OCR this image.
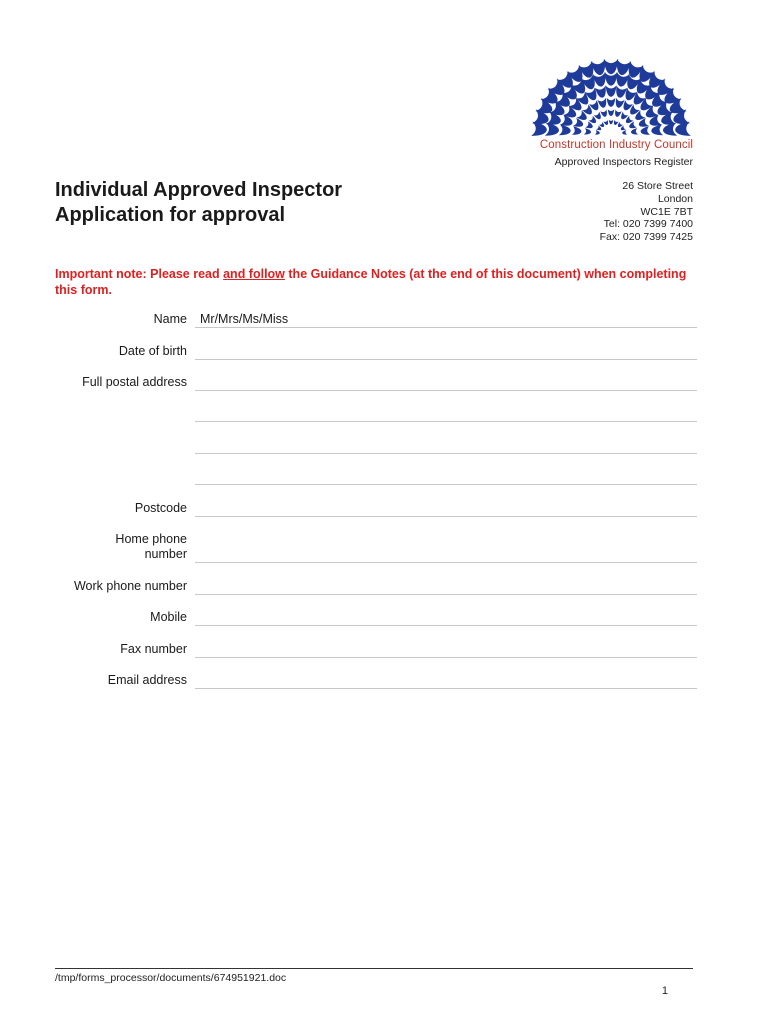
Construction Industry Council
Approved Inspectors Register
26 Store Street
London
WC1E 7BT
Tel: 020 7399 7400
Fax: 020 7399 7425
Individual Approved Inspector
Application for approval
Important note: Please read and follow the Guidance Notes (at the end of this document) when completing this form.
Name Mr/Mrs/Ms/Miss
Date of birth
Full postal address
Postcode
Home phone
number
Work phone number
Mobile
Fax number
Email address
/tmp/forms_processor/documents/674951921.doc
1
